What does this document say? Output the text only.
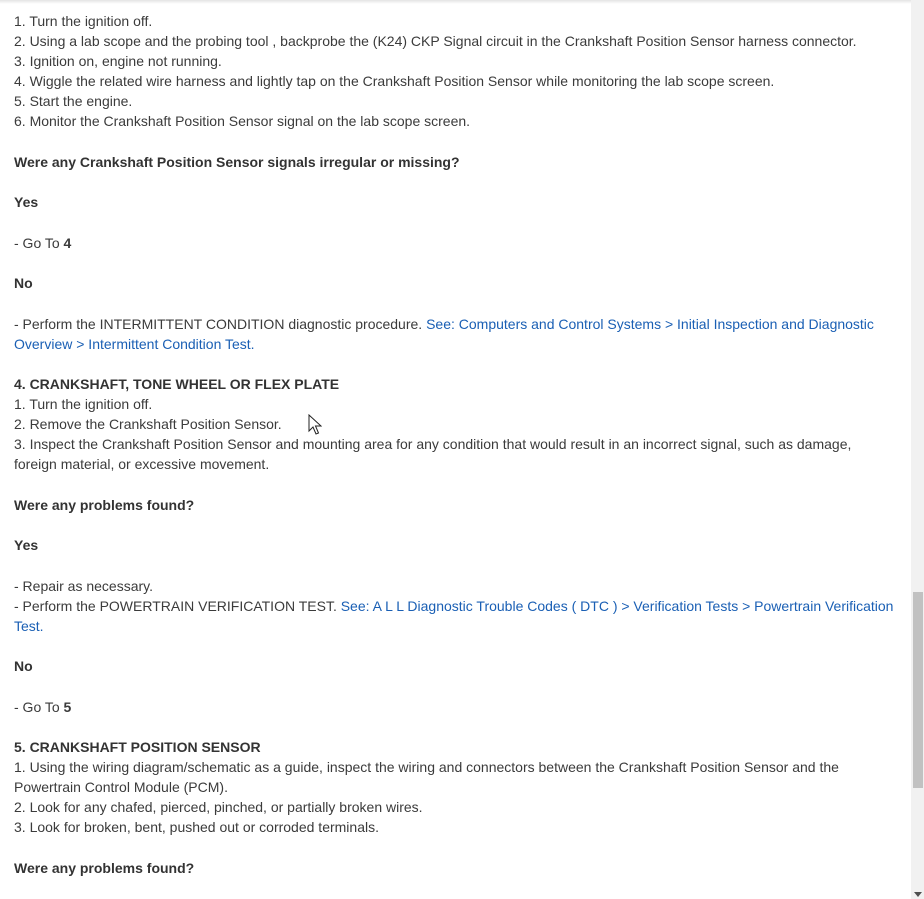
1. Turn the ignition off.
2. Using a lab scope and the probing tool , backprobe the (K24) CKP Signal circuit in the Crankshaft Position Sensor harness connector.
3. Ignition on, engine not running.
4. Wiggle the related wire harness and lightly tap on the Crankshaft Position Sensor while monitoring the lab scope screen.
5. Start the engine.
6. Monitor the Crankshaft Position Sensor signal on the lab scope screen.
Were any Crankshaft Position Sensor signals irregular or missing?
Yes
- Go To 4
No
- Perform the INTERMITTENT CONDITION diagnostic procedure. See: Computers and Control Systems > Initial Inspection and Diagnostic Overview > Intermittent Condition Test.
4. CRANKSHAFT, TONE WHEEL OR FLEX PLATE
1. Turn the ignition off.
2. Remove the Crankshaft Position Sensor.
3. Inspect the Crankshaft Position Sensor and mounting area for any condition that would result in an incorrect signal, such as damage, foreign material, or excessive movement.
Were any problems found?
Yes
- Repair as necessary.
- Perform the POWERTRAIN VERIFICATION TEST. See: A L L Diagnostic Trouble Codes ( DTC ) > Verification Tests > Powertrain Verification Test.
No
- Go To 5
5. CRANKSHAFT POSITION SENSOR
1. Using the wiring diagram/schematic as a guide, inspect the wiring and connectors between the Crankshaft Position Sensor and the Powertrain Control Module (PCM).
2. Look for any chafed, pierced, pinched, or partially broken wires.
3. Look for broken, bent, pushed out or corroded terminals.
Were any problems found?
